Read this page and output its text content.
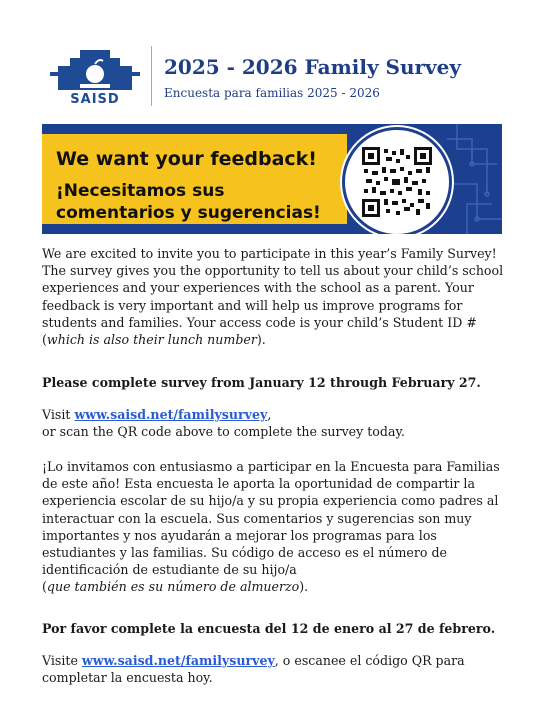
SAISD
2025 - 2026 Family Survey
Encuesta para familias 2025 - 2026
We want your feedback!
¡Necesitamos sus comentarios y sugerencias!

We are excited to invite you to participate in this year’s Family Survey! The survey gives you the opportunity to tell us about your child’s school experiences and your experiences with the school as a parent. Your feedback is very important and will help us improve programs for students and families. Your access code is your child’s Student ID # (which is also their lunch number).

Please complete survey from January 12 through February 27.

Visit www.saisd.net/familysurvey,
or scan the QR code above to complete the survey today.

¡Lo invitamos con entusiasmo a participar en la Encuesta para Familias de este año! Esta encuesta le aporta la oportunidad de compartir la experiencia escolar de su hijo/a y su propia experiencia como padres al interactuar con la escuela. Sus comentarios y sugerencias son muy importantes y nos ayudarán a mejorar los programas para los estudiantes y las familias. Su código de acceso es el número de identificación de estudiante de su hijo/a
(que también es su número de almuerzo).

Por favor complete la encuesta del 12 de enero al 27 de febrero.

Visite www.saisd.net/familysurvey, o escanee el código QR para completar la encuesta hoy.
